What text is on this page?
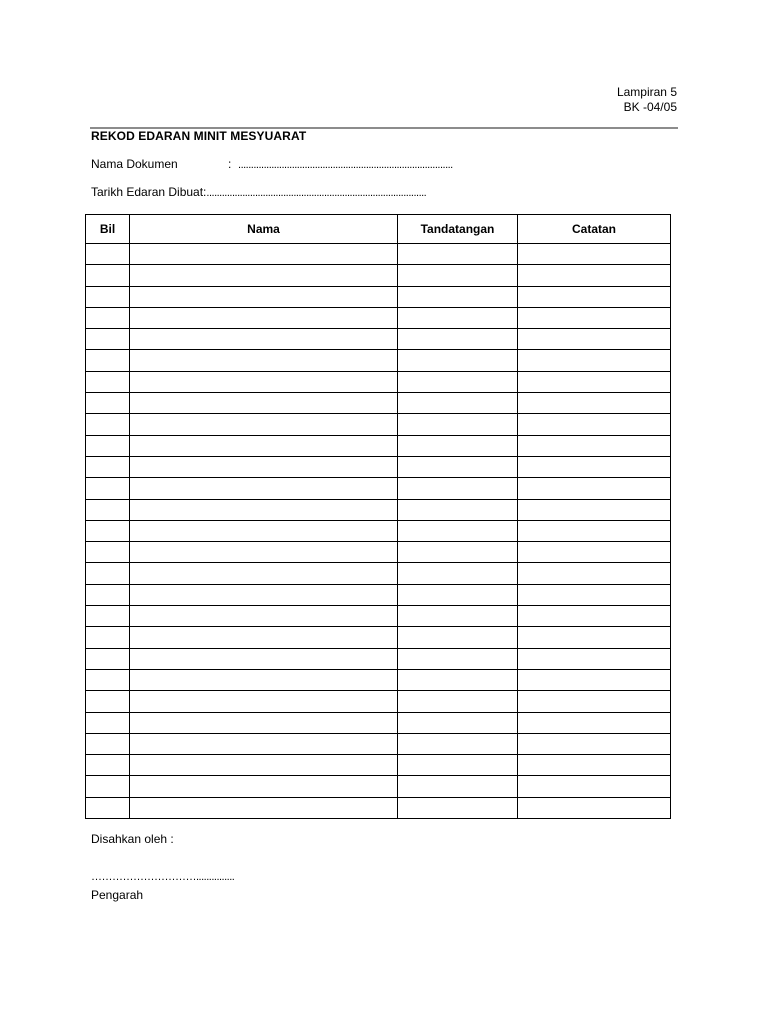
Lampiran 5
BK -04/05
REKOD EDARAN MINIT MESYUARAT
Nama Dokumen	: ....................................................................................
Tarikh Edaran Dibuat:......................................................................................
Bil	Nama	Tandatangan	Catatan

Disahkan oleh :
…………………………...............
Pengarah
